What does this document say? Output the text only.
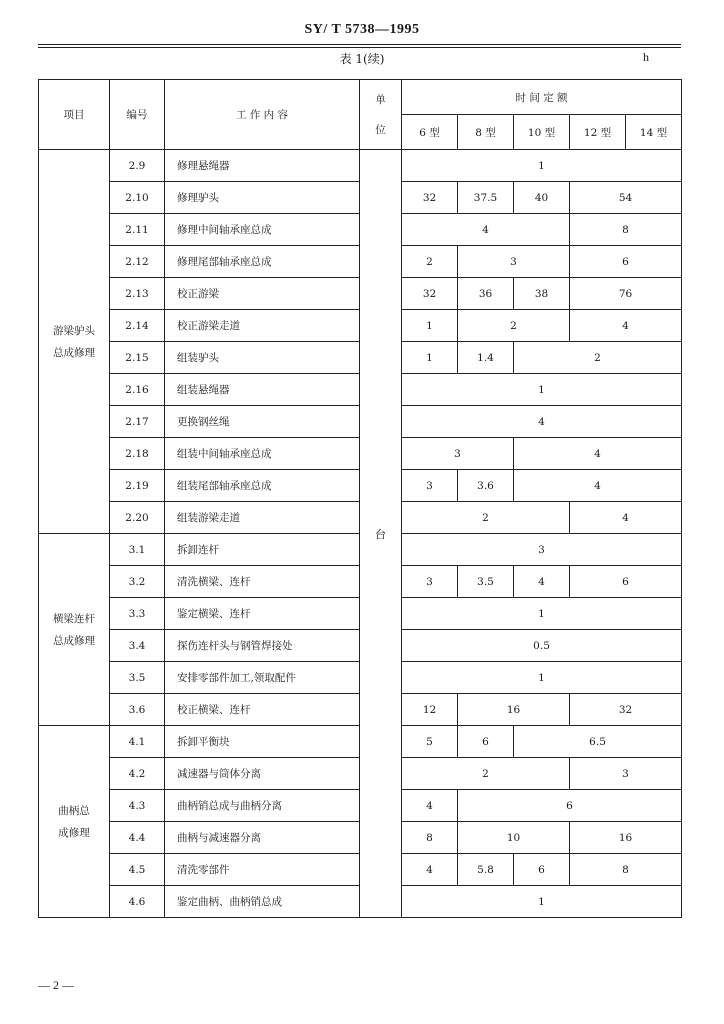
SY/ T 5738—1995
表 1(续)	h
项目	编号	工 作 内 容	单
位	时 间 定 额				
				6 型	8 型	10 型	12 型	14 型

游梁驴头
总成修理	2.9	修理悬绳器	台	1				
	2.10	修理驴头		32	37.5	40	54	
	2.11	修理中间轴承座总成		4			8	
	2.12	修理尾部轴承座总成		2	3		6	
	2.13	校正游梁		32	36	38	76	
	2.14	校正游梁走道		1	2		4	
	2.15	组装驴头		1	1.4	2		
	2.16	组装悬绳器		1				
	2.17	更换钢丝绳		4				
	2.18	组装中间轴承座总成		3		4		
	2.19	组装尾部轴承座总成		3	3.6	4		
	2.20	组装游梁走道		2			4	

横梁连杆
总成修理	3.1	拆卸连杆		3				
	3.2	清洗横梁、连杆		3	3.5	4	6	
	3.3	鉴定横梁、连杆		1				
	3.4	探伤连杆头与钢管焊接处		0.5				
	3.5	安排零部件加工,领取配件		1				
	3.6	校正横梁、连杆		12	16		32	

曲柄总
成修理	4.1	拆卸平衡块		5	6	6.5		
	4.2	减速器与筒体分离		2			3	
	4.3	曲柄销总成与曲柄分离		4	6			
	4.4	曲柄与减速器分离		8	10		16	
	4.5	清洗零部件		4	5.8	6	8	
	4.6	鉴定曲柄、曲柄销总成		1				
— 2 —
